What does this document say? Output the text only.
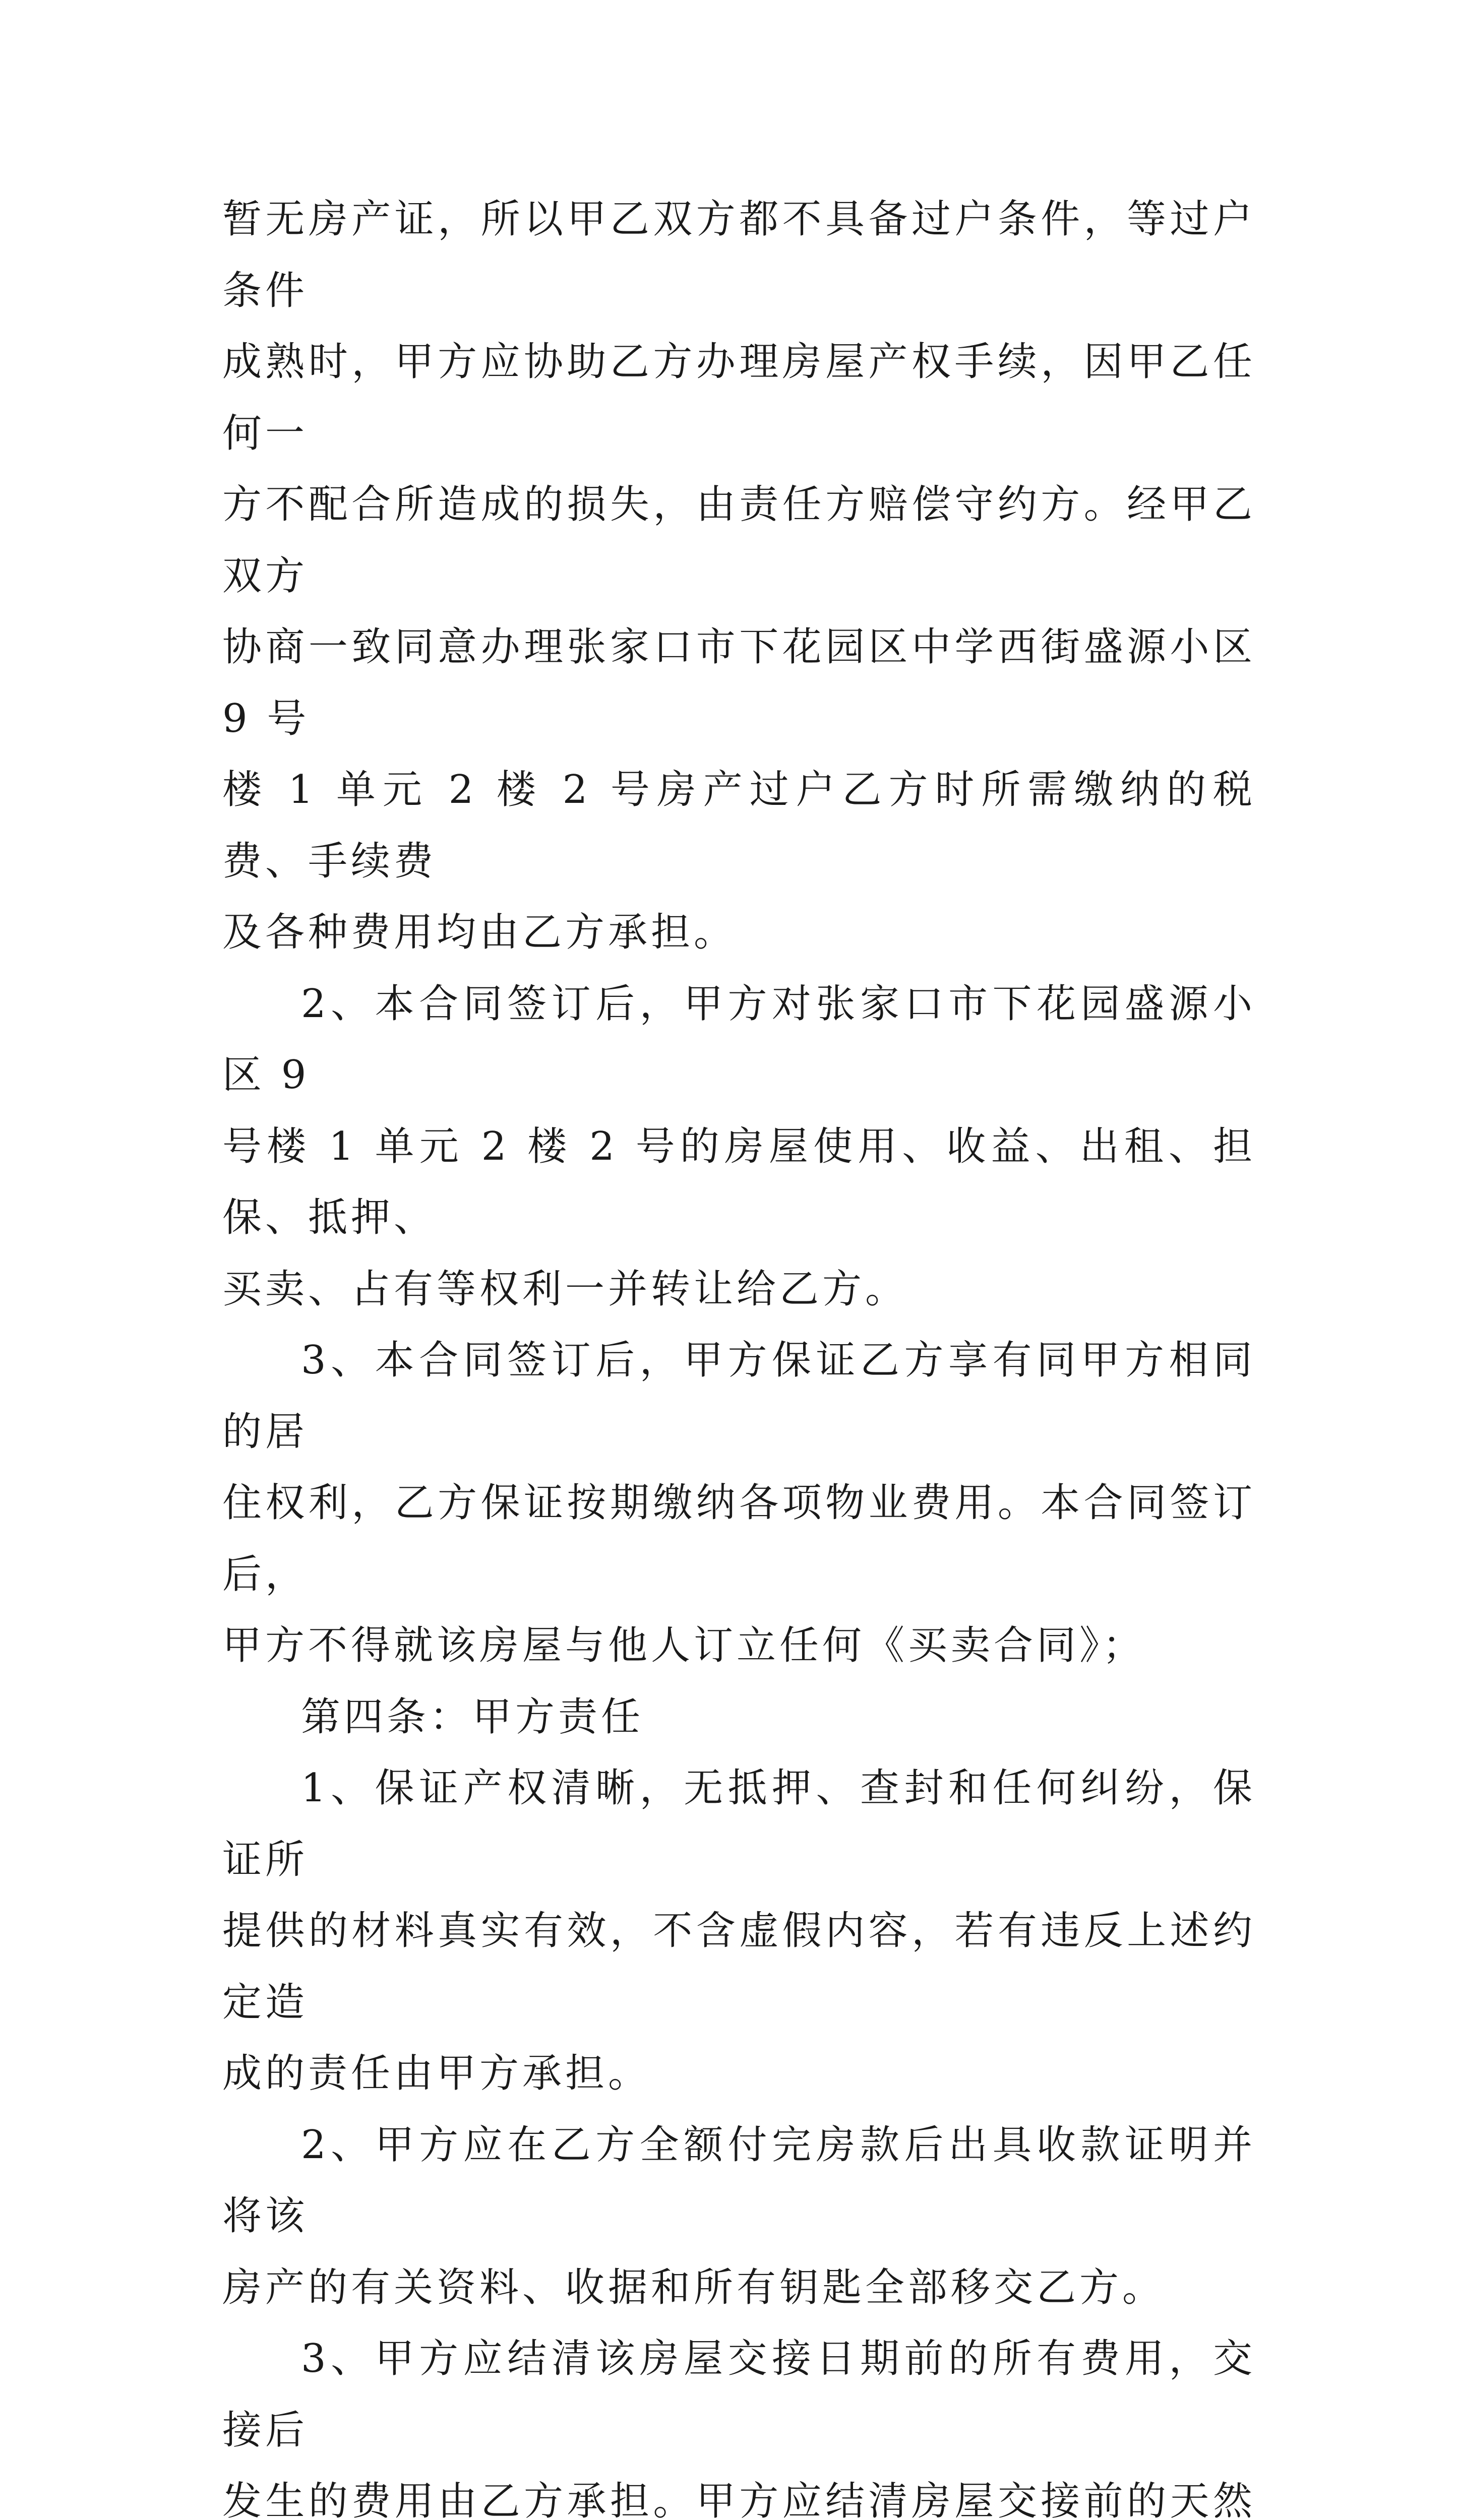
暂无房产证，所以甲乙双方都不具备过户条件，等过户条件
成熟时，甲方应协助乙方办理房屋产权手续，因甲乙任何一
方不配合所造成的损失，由责任方赔偿守约方。经甲乙双方
协商一致同意办理张家口市下花园区中学西街盛源小区 9 号
楼 1 单元 2 楼 2 号房产过户乙方时所需缴纳的税费、手续费
及各种费用均由乙方承担。

2、本合同签订后，甲方对张家口市下花园盛源小区 9
号楼 1 单元 2 楼 2 号的房屋使用、收益、出租、担保、抵押、
买卖、占有等权利一并转让给乙方。

3、本合同签订后，甲方保证乙方享有同甲方相同的居
住权利，乙方保证按期缴纳各项物业费用。本合同签订后，
甲方不得就该房屋与他人订立任何《买卖合同》；

第四条：甲方责任

1、保证产权清晰，无抵押、查封和任何纠纷，保证所
提供的材料真实有效，不含虚假内容，若有违反上述约定造
成的责任由甲方承担。

2、甲方应在乙方全额付完房款后出具收款证明并将该
房产的有关资料、收据和所有钥匙全部移交乙方。

3、甲方应结清该房屋交接日期前的所有费用，交接后
发生的费用由乙方承担。甲方应结清房屋交接前的天然
